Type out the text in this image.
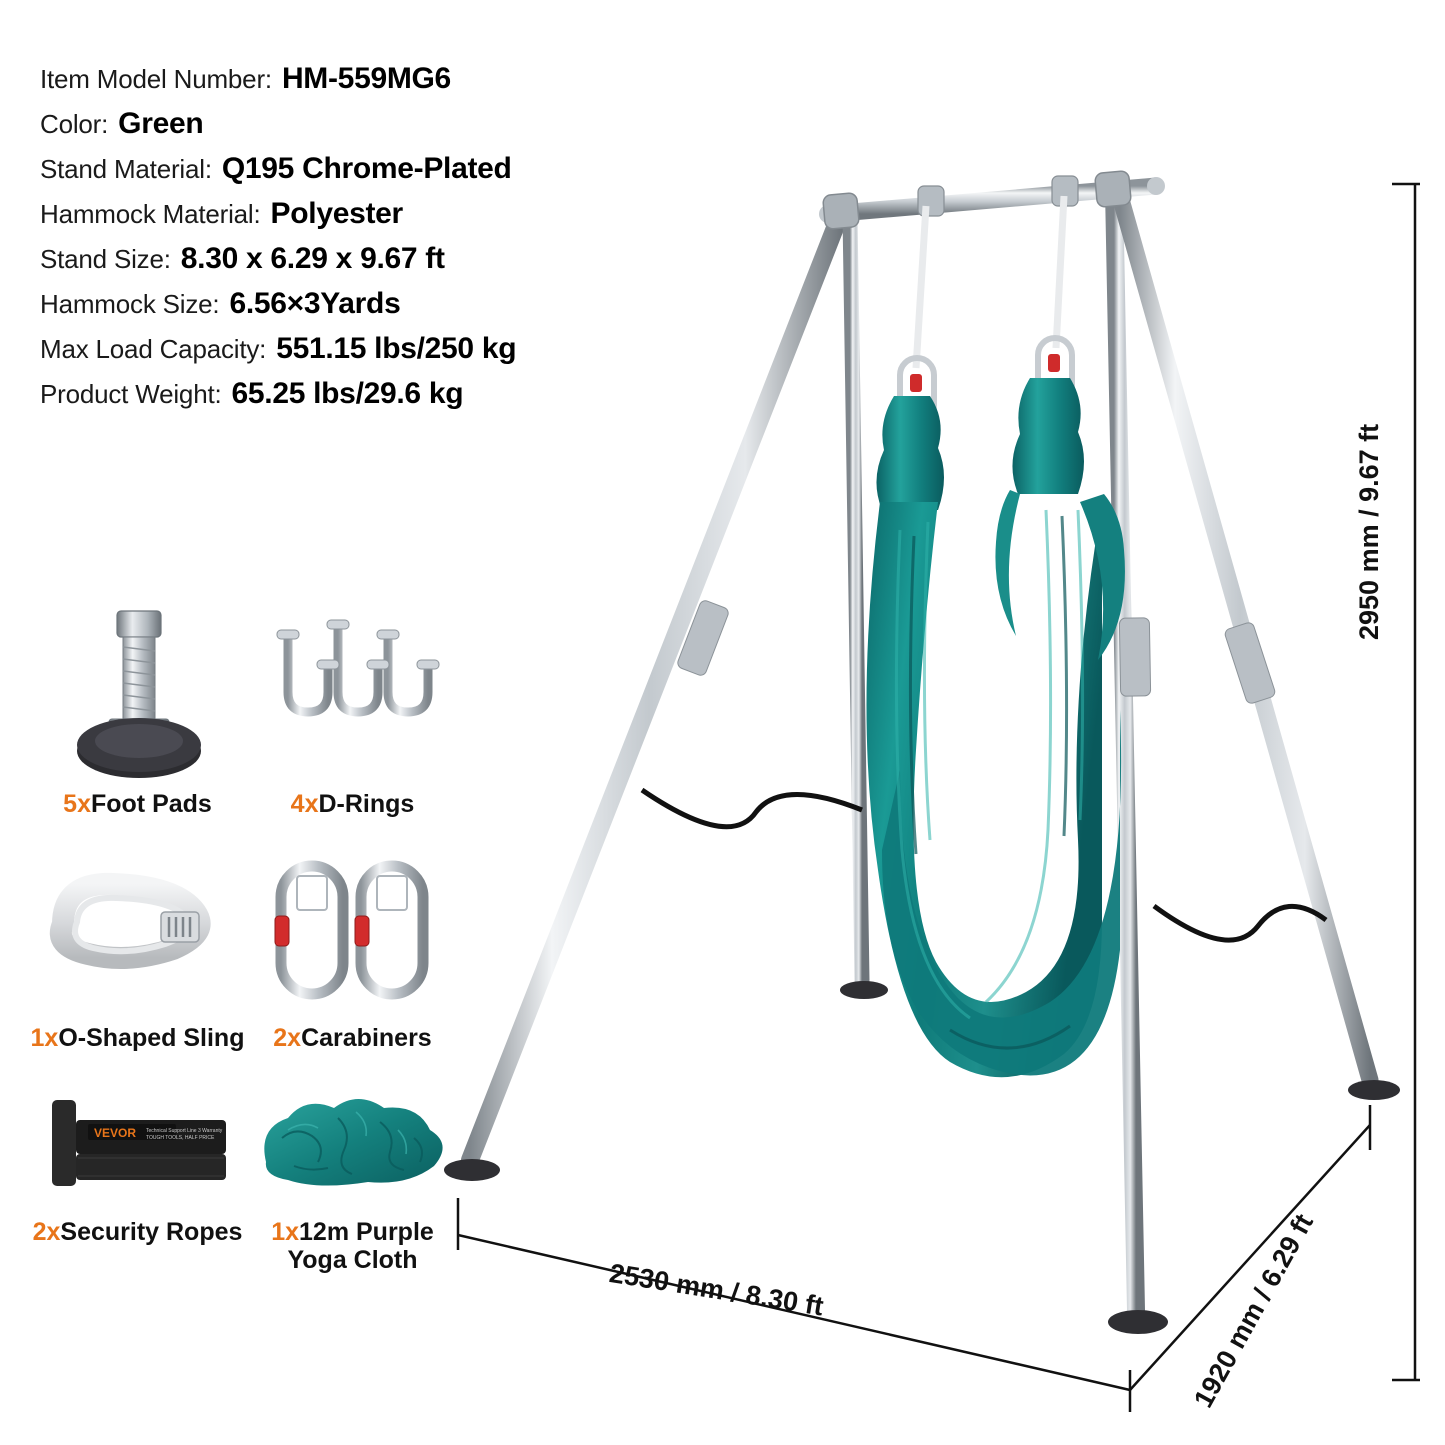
Item Model Number: HM-559MG6
Color: Green
Stand Material: Q195 Chrome-Plated
Hammock Material: Polyester
Stand Size: 8.30 x 6.29 x 9.67 ft
Hammock Size: 6.56×3Yards
Max Load Capacity: 551.15 lbs/250 kg
Product Weight: 65.25 lbs/29.6 kg
5xFoot Pads	4xD-Rings
1xO-Shaped Sling 2xCarabiners
VEVOR Technical Support Line 3 Warranty
TOUGH TOOLS, HALF PRICE
2xSecurity Ropes	1x12m Purple Yoga Cloth
2950 mm / 9.67 ft
2530 mm / 8.30 ft	1920 mm / 6.29 ft
